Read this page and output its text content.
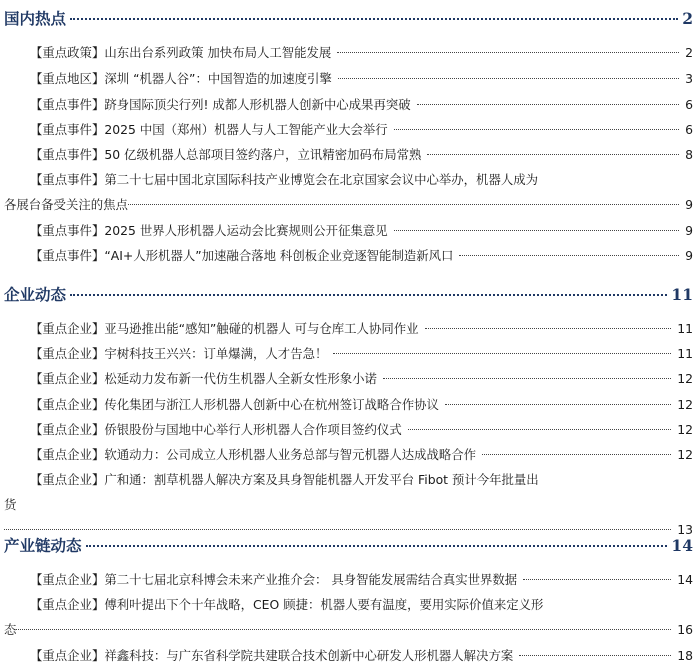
国内热点	2
【重点政策】山东出台系列政策 加快布局人工智能发展	2
【重点地区】深圳 “机器人谷”：中国智造的加速度引擎	3
【重点事件】跻身国际顶尖行列! 成都人形机器人创新中心成果再突破	6
【重点事件】2025 中国（郑州）机器人与人工智能产业大会举行	6
【重点事件】50 亿级机器人总部项目签约落户，立讯精密加码布局常熟	8
【重点事件】第二十七届中国北京国际科技产业博览会在北京国家会议中心举办，机器人成为
各展台备受关注的焦点	9
【重点事件】2025 世界人形机器人运动会比赛规则公开征集意见	9
【重点事件】“AI+人形机器人”加速融合落地 科创板企业竞逐智能制造新风口	9
企业动态	11
【重点企业】亚马逊推出能“感知”触碰的机器人 可与仓库工人协同作业	11
【重点企业】宇树科技王兴兴：订单爆满，人才告急！	11
【重点企业】松延动力发布新一代仿生机器人全新女性形象小诺	12
【重点企业】传化集团与浙江人形机器人创新中心在杭州签订战略合作协议	12
【重点企业】侨银股份与国地中心举行人形机器人合作项目签约仪式	12
【重点企业】软通动力：公司成立人形机器人业务总部与智元机器人达成战略合作	12
【重点企业】广和通：割草机器人解决方案及具身智能机器人开发平台 Fibot 预计今年批量出
货
13
产业链动态	14
【重点企业】第二十七届北京科博会未来产业推介会： 具身智能发展需结合真实世界数据	14
【重点企业】傅利叶提出下个十年战略，CEO 顾捷：机器人要有温度，要用实际价值来定义形
态	16
【重点企业】祥鑫科技：与广东省科学院共建联合技术创新中心研发人形机器人解决方案	18
